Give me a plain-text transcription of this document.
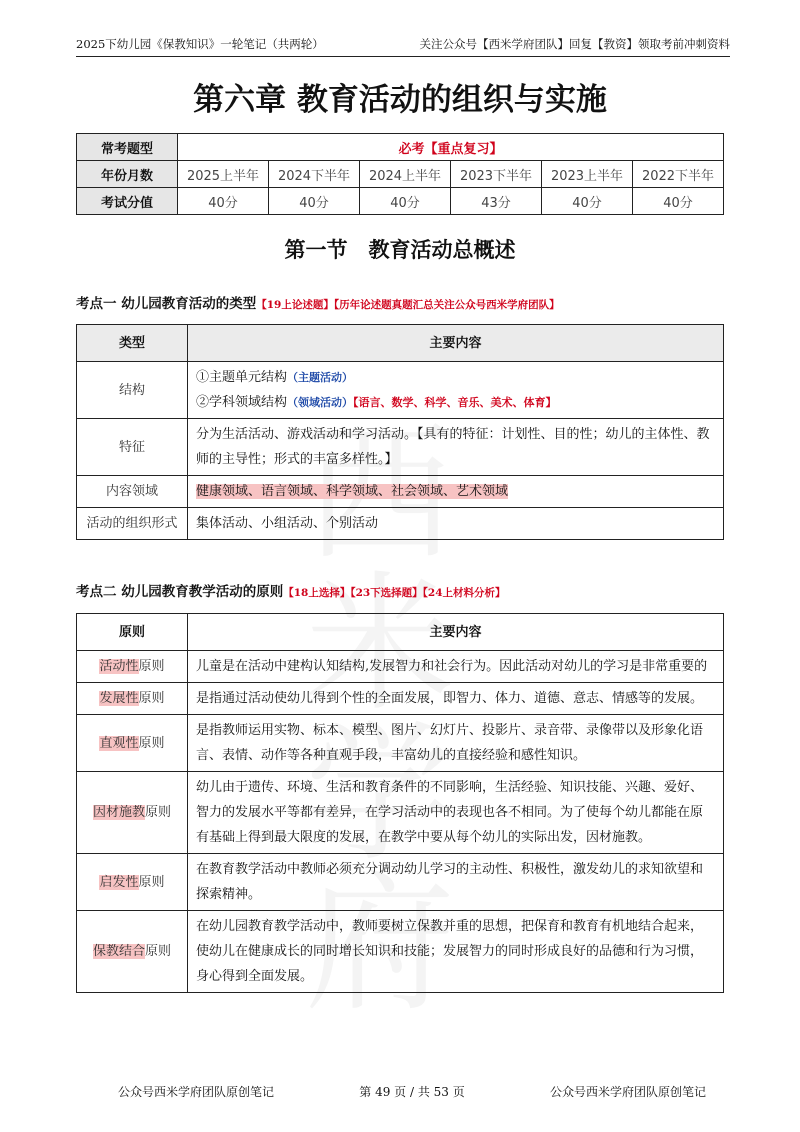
2025下幼儿园《保教知识》一轮笔记（共两轮）	关注公众号【西米学府团队】回复【教资】领取考前冲刺资料
第六章 教育活动的组织与实施
常考题型	必考【重点复习】					
年份月数	2025上半年	2024下半年	2024上半年	2023下半年	2023上半年	2022下半年
考试分值	40分	40分	40分	43分	40分	40分
第一节　教育活动总概述

考点一 幼儿园教育活动的类型【19上论述题】【历年论述题真题汇总关注公众号西米学府团队】
类型	主要内容
结构	①主题单元结构（主题活动）
②学科领域结构（领域活动）【语言、数学、科学、音乐、美术、体育】

特征	分为生活活动、游戏活动和学习活动。【具有的特征：计划性、目的性；幼儿的主体性、教师的主导性；形式的丰富多样性。】
内容领域	健康领域、语言领域、科学领域、社会领域、艺术领域
活动的组织形式	集体活动、小组活动、个别活动
考点二 幼儿园教育教学活动的原则【18上选择】【23下选择题】【24上材料分析】
原则	主要内容
活动性原则	儿童是在活动中建构认知结构,发展智力和社会行为。因此活动对幼儿的学习是非常重要的
发展性原则	是指通过活动使幼儿得到个性的全面发展，即智力、体力、道德、意志、情感等的发展。
直观性原则	是指教师运用实物、标本、模型、图片、幻灯片、投影片、录音带、录像带以及形象化语言、表情、动作等各种直观手段，丰富幼儿的直接经验和感性知识。
因材施教原则	幼儿由于遗传、环境、生活和教育条件的不同影响，生活经验、知识技能、兴趣、爱好、智力的发展水平等都有差异，在学习活动中的表现也各不相同。为了使每个幼儿都能在原有基础上得到最大限度的发展，在教学中要从每个幼儿的实际出发，因材施教。
启发性原则	在教育教学活动中教师必须充分调动幼儿学习的主动性、积极性，激发幼儿的求知欲望和探索精神。
保教结合原则	在幼儿园教育教学活动中，教师要树立保教并重的思想，把保育和教育有机地结合起来，使幼儿在健康成长的同时增长知识和技能；发展智力的同时形成良好的品德和行为习惯，身心得到全面发展。
公众号西米学府团队原创笔记	第 49 页 / 共 53 页	公众号西米学府团队原创笔记
